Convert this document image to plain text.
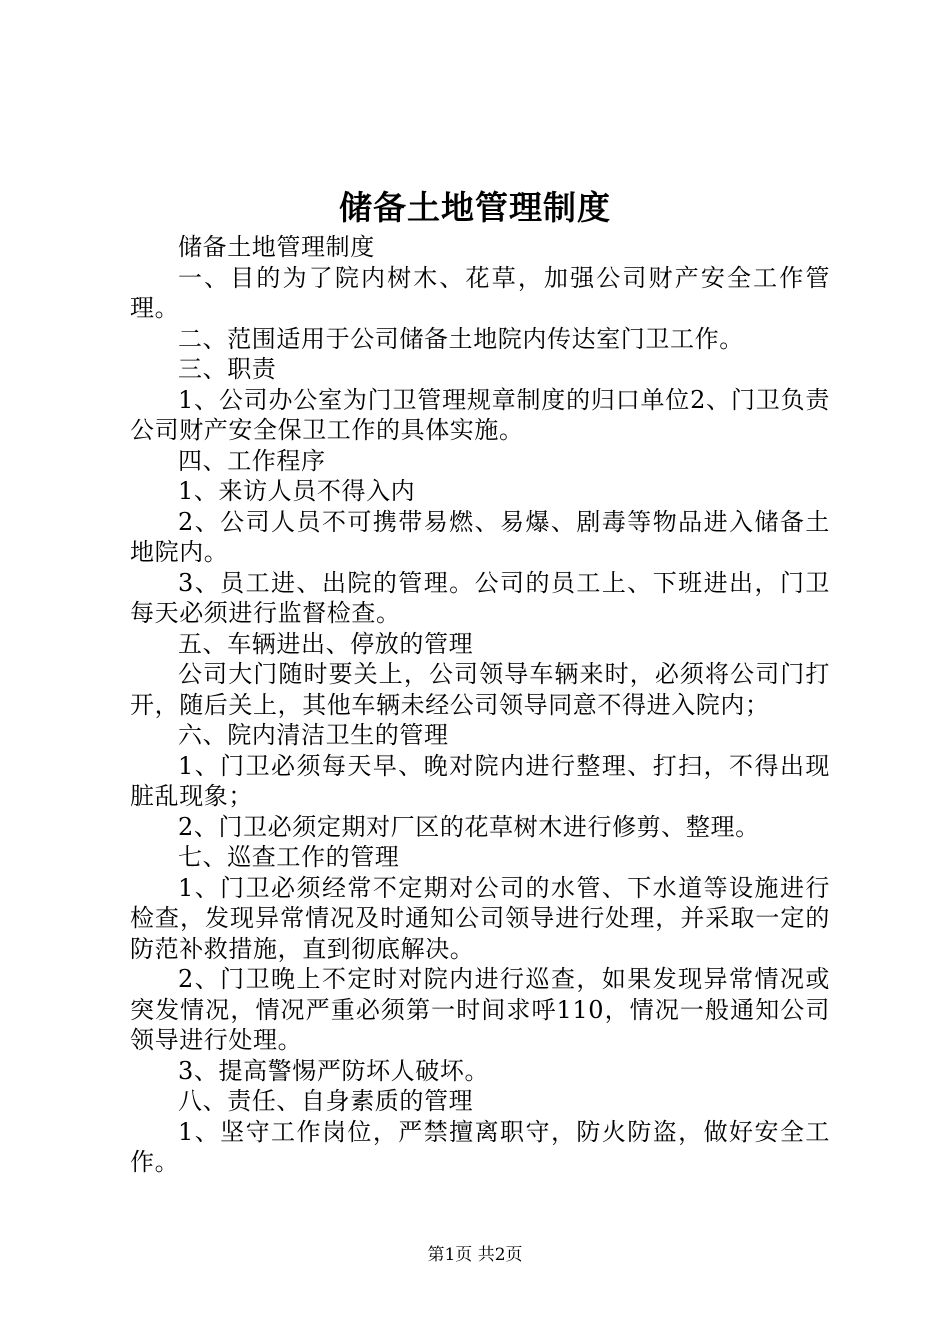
储备土地管理制度

储备土地管理制度

一、目的为了院内树木、花草，加强公司财产安全工作管理。

二、范围适用于公司储备土地院内传达室门卫工作。

三、职责

1、公司办公室为门卫管理规章制度的归口单位2、门卫负责公司财产安全保卫工作的具体实施。

四、工作程序

1、来访人员不得入内

2、公司人员不可携带易燃、易爆、剧毒等物品进入储备土地院内。

3、员工进、出院的管理。公司的员工上、下班进出，门卫每天必须进行监督检查。

五、车辆进出、停放的管理

公司大门随时要关上，公司领导车辆来时，必须将公司门打开，随后关上，其他车辆未经公司领导同意不得进入院内；

六、院内清洁卫生的管理

1、门卫必须每天早、晚对院内进行整理、打扫，不得出现脏乱现象；

2、门卫必须定期对厂区的花草树木进行修剪、整理。

七、巡查工作的管理

1、门卫必须经常不定期对公司的水管、下水道等设施进行检查，发现异常情况及时通知公司领导进行处理，并采取一定的防范补救措施，直到彻底解决。

2、门卫晚上不定时对院内进行巡查，如果发现异常情况或突发情况，情况严重必须第一时间求呼110，情况一般通知公司领导进行处理。

3、提高警惕严防坏人破坏。

八、责任、自身素质的管理

1、坚守工作岗位，严禁擅离职守，防火防盗，做好安全工作。

第1页 共2页
